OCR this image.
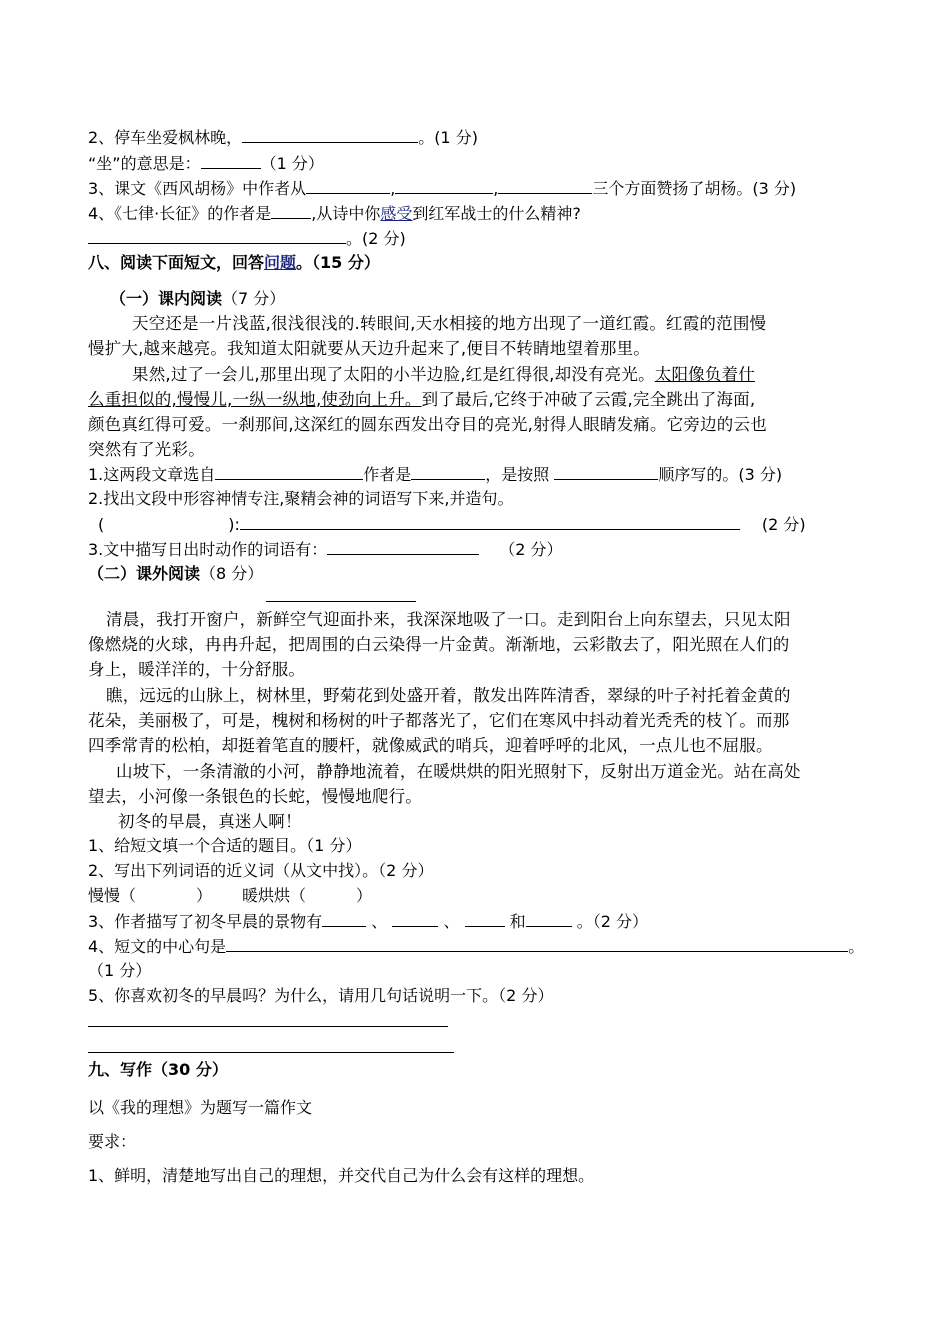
2、停车坐爱枫林晚，	。(1 分)
“坐”的意思是：	（1 分）
3、课文《西风胡杨》中作者从	,	,	三个方面赞扬了胡杨。(3 分)
4、《七律·长征》的作者是	,从诗中你感受到红军战士的什么精神?
。(2 分)
八、阅读下面短文，回答问题。（15 分）
（一）课内阅读（7 分）
天空还是一片浅蓝,很浅很浅的.转眼间,天水相接的地方出现了一道红霞。红霞的范围慢
慢扩大,越来越亮。我知道太阳就要从天边升起来了,便目不转睛地望着那里。
果然,过了一会儿,那里出现了太阳的小半边脸,红是红得很,却没有亮光。太阳像负着什
么重担似的,慢慢儿,一纵一纵地,使劲向上升。到了最后,它终于冲破了云霞,完全跳出了海面,
颜色真红得可爱。一刹那间,这深红的圆东西发出夺目的亮光,射得人眼睛发痛。它旁边的云也
突然有了光彩。
1.这两段文章选自	作者是	，是按照	顺序写的。(3 分)
2.找出文段中形容神情专注,聚精会神的词语写下来,并造句。
(	):	(2 分)
3.文中描写日出时动作的词语有：	（2 分）
（二）课外阅读（8 分）
清晨，我打开窗户，新鲜空气迎面扑来，我深深地吸了一口。走到阳台上向东望去，只见太阳
像燃烧的火球，冉冉升起，把周围的白云染得一片金黄。渐渐地，云彩散去了，阳光照在人们的
身上，暖洋洋的，十分舒服。
瞧，远远的山脉上，树林里，野菊花到处盛开着，散发出阵阵清香，翠绿的叶子衬托着金黄的
花朵，美丽极了，可是，槐树和杨树的叶子都落光了，它们在寒风中抖动着光秃秃的枝丫。而那
四季常青的松柏，却挺着笔直的腰杆，就像威武的哨兵，迎着呼呼的北风，一点儿也不屈服。
山坡下，一条清澈的小河，静静地流着，在暖烘烘的阳光照射下，反射出万道金光。站在高处
望去，小河像一条银色的长蛇，慢慢地爬行。
初冬的早晨，真迷人啊！
1、给短文填一个合适的题目。（1 分）
2、写出下列词语的近义词（从文中找）。（2 分）
慢慢（	） 暖烘烘（	）
3、作者描写了初冬早晨的景物有	、	、	和	。（2 分）
4、短文的中心句是	。
（1 分）
5、你喜欢初冬的早晨吗？为什么，请用几句话说明一下。（2 分）
九、写作（30 分）
以《我的理想》为题写一篇作文
要求：
1、鲜明，清楚地写出自己的理想，并交代自己为什么会有这样的理想。
